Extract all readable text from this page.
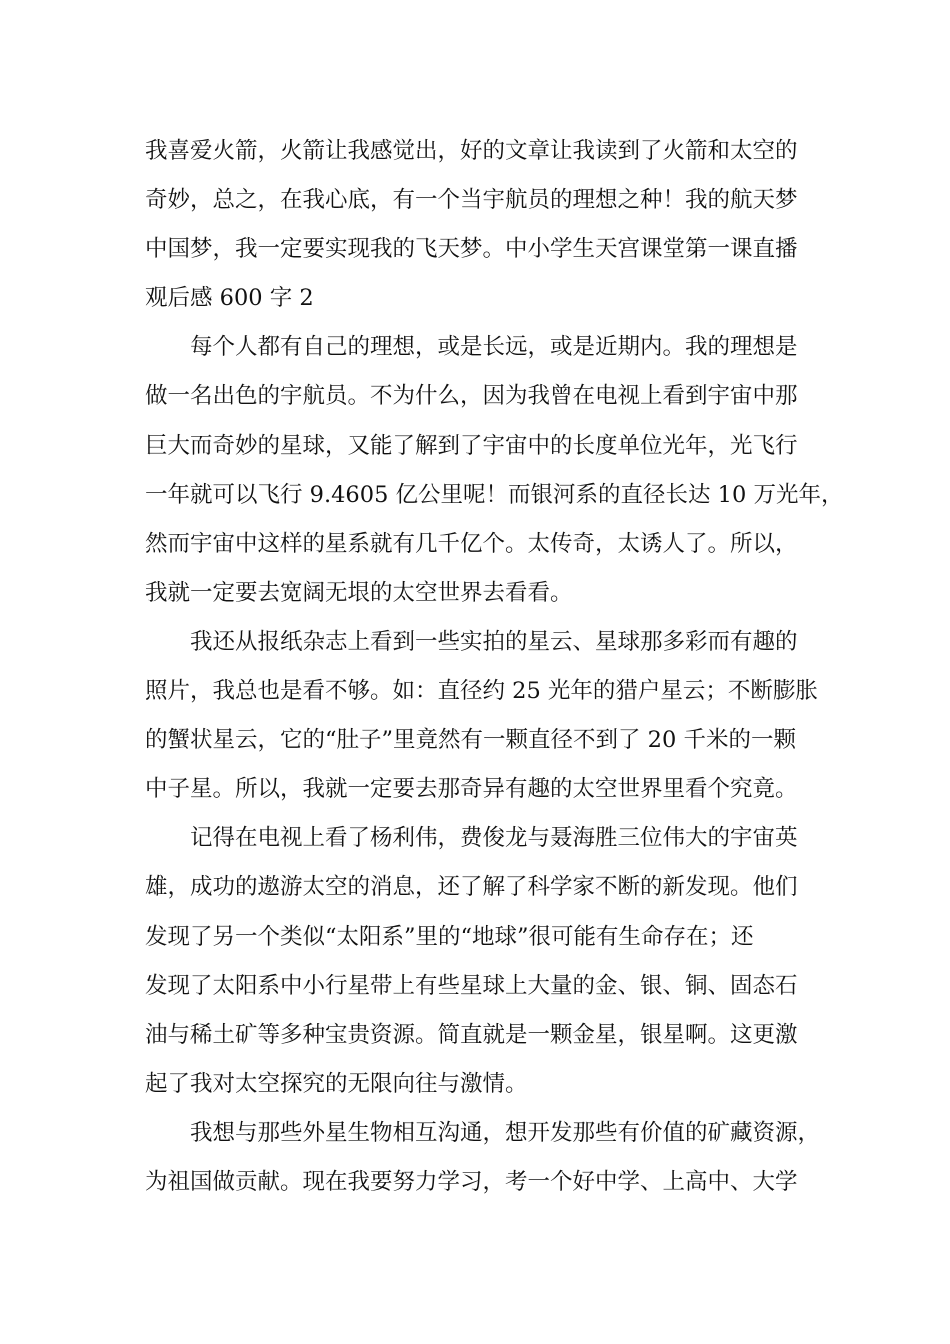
我喜爱火箭，火箭让我感觉出，好的文章让我读到了火箭和太空的
奇妙，总之，在我心底，有一个当宇航员的理想之种！我的航天梦
中国梦，我一定要实现我的飞天梦。中小学生天宫课堂第一课直播
观后感 600 字 2
每个人都有自己的理想，或是长远，或是近期内。我的理想是
做一名出色的宇航员。不为什么，因为我曾在电视上看到宇宙中那
巨大而奇妙的星球，又能了解到了宇宙中的长度单位光年，光飞行
一年就可以飞行 9.4605 亿公里呢！而银河系的直径长达 10 万光年，
然而宇宙中这样的星系就有几千亿个。太传奇，太诱人了。所以，
我就一定要去宽阔无垠的太空世界去看看。
我还从报纸杂志上看到一些实拍的星云、星球那多彩而有趣的
照片，我总也是看不够。如：直径约 25 光年的猎户星云；不断膨胀
的蟹状星云，它的“肚子”里竟然有一颗直径不到了 20 千米的一颗
中子星。所以，我就一定要去那奇异有趣的太空世界里看个究竟。
记得在电视上看了杨利伟，费俊龙与聂海胜三位伟大的宇宙英
雄，成功的遨游太空的消息，还了解了科学家不断的新发现。他们
发现了另一个类似“太阳系”里的“地球”很可能有生命存在；还
发现了太阳系中小行星带上有些星球上大量的金、银、铜、固态石
油与稀土矿等多种宝贵资源。简直就是一颗金星，银星啊。这更激
起了我对太空探究的无限向往与激情。
我想与那些外星生物相互沟通，想开发那些有价值的矿藏资源，
为祖国做贡献。现在我要努力学习，考一个好中学、上高中、大学
